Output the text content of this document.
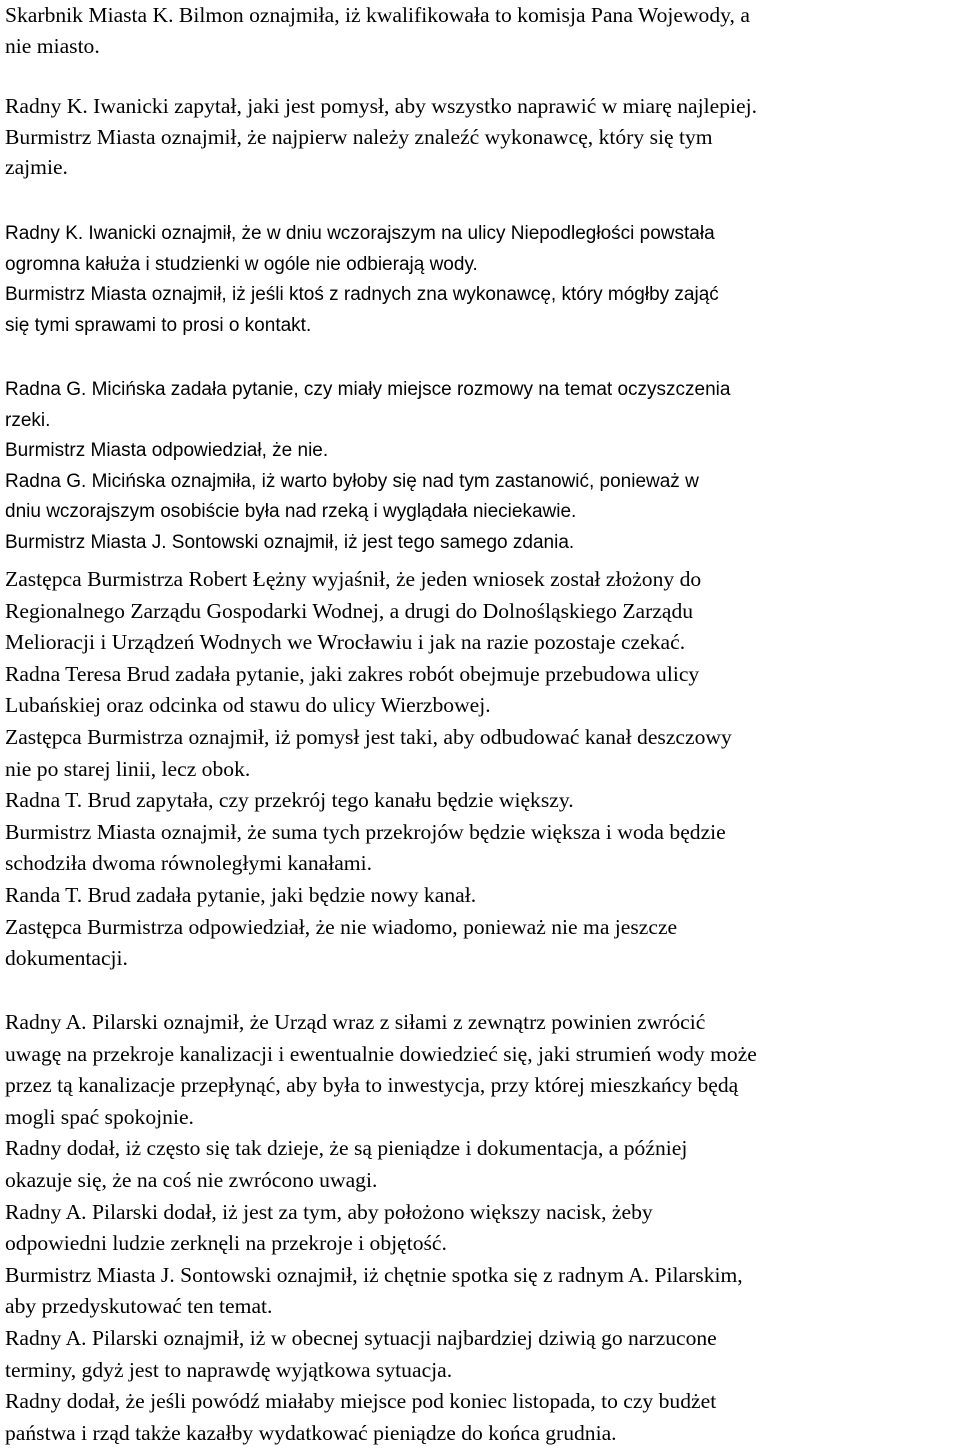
Skarbnik Miasta K. Bilmon oznajmiła, iż kwalifikowała to komisja Pana Wojewody, a
nie miasto.
Radny K. Iwanicki zapytał, jaki jest pomysł, aby wszystko naprawić w miarę najlepiej.
Burmistrz Miasta oznajmił, że najpierw należy znaleźć wykonawcę, który się tym
zajmie.
Radny K. Iwanicki oznajmił, że w dniu wczorajszym na ulicy Niepodległości powstała
ogromna kałuża i studzienki w ogóle nie odbierają wody.
Burmistrz Miasta oznajmił, iż jeśli ktoś z radnych zna wykonawcę, który mógłby zająć
się tymi sprawami to prosi o kontakt.
Radna G. Micińska zadała pytanie, czy miały miejsce rozmowy na temat oczyszczenia
rzeki.
Burmistrz Miasta odpowiedział, że nie.
Radna G. Micińska oznajmiła, iż warto byłoby się nad tym zastanowić, ponieważ w
dniu wczorajszym osobiście była nad rzeką i wyglądała nieciekawie.
Burmistrz Miasta J. Sontowski oznajmił, iż jest tego samego zdania.
Zastępca Burmistrza Robert Łężny wyjaśnił, że jeden wniosek został złożony do
Regionalnego Zarządu Gospodarki Wodnej, a drugi do Dolnośląskiego Zarządu
Melioracji i Urządzeń Wodnych we Wrocławiu i jak na razie pozostaje czekać.
Radna Teresa Brud zadała pytanie, jaki zakres robót obejmuje przebudowa ulicy
Lubańskiej oraz odcinka od stawu do ulicy Wierzbowej.
Zastępca Burmistrza oznajmił, iż pomysł jest taki, aby odbudować kanał deszczowy
nie po starej linii, lecz obok.
Radna T. Brud zapytała, czy przekrój tego kanału będzie większy.
Burmistrz Miasta oznajmił, że suma tych przekrojów będzie większa i woda będzie
schodziła dwoma równoległymi kanałami.
Randa T. Brud zadała pytanie, jaki będzie nowy kanał.
Zastępca Burmistrza odpowiedział, że nie wiadomo, ponieważ nie ma jeszcze
dokumentacji.
Radny A. Pilarski oznajmił, że Urząd wraz z siłami z zewnątrz powinien zwrócić
uwagę na przekroje kanalizacji i ewentualnie dowiedzieć się, jaki strumień wody może
przez tą kanalizacje przepłynąć, aby była to inwestycja, przy której mieszkańcy będą
mogli spać spokojnie.
Radny dodał, iż często się tak dzieje, że są pieniądze i dokumentacja, a później
okazuje się, że na coś nie zwrócono uwagi.
Radny A. Pilarski dodał, iż jest za tym, aby położono większy nacisk, żeby
odpowiedni ludzie zerknęli na przekroje i objętość.
Burmistrz Miasta J. Sontowski oznajmił, iż chętnie spotka się z radnym A. Pilarskim,
aby przedyskutować ten temat.
Radny A. Pilarski oznajmił, iż w obecnej sytuacji najbardziej dziwią go narzucone
terminy, gdyż jest to naprawdę wyjątkowa sytuacja.
Radny dodał, że jeśli powódź miałaby miejsce pod koniec listopada, to czy budżet
państwa i rząd także kazałby wydatkować pieniądze do końca grudnia.
